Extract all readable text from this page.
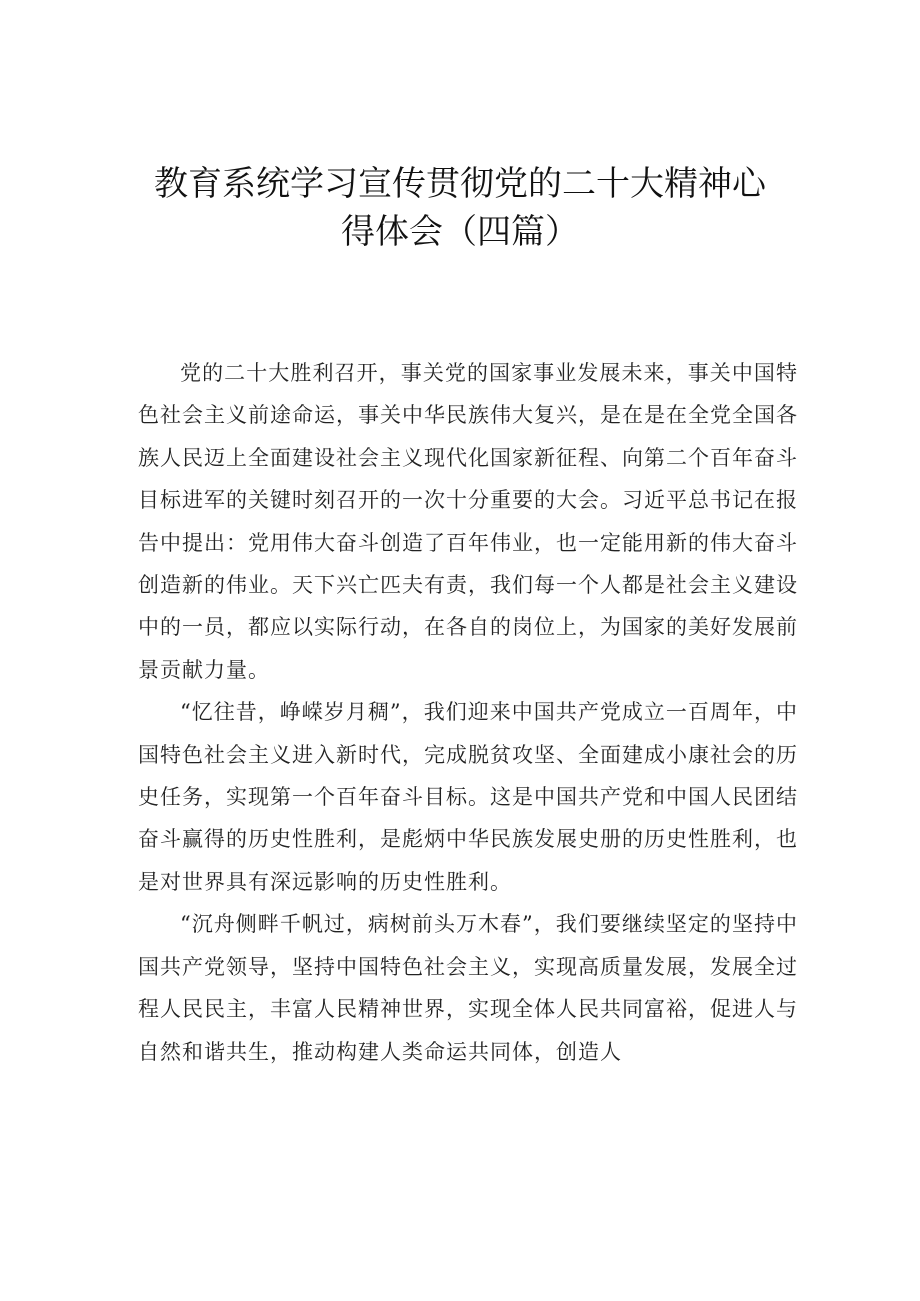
教育系统学习宣传贯彻党的二十大精神心
得体会（四篇）

党的二十大胜利召开，事关党的国家事业发展未来，事关中国特色社会主义前途命运，事关中华民族伟大复兴，是在是在全党全国各族人民迈上全面建设社会主义现代化国家新征程、向第二个百年奋斗目标进军的关键时刻召开的一次十分重要的大会。习近平总书记在报告中提出：党用伟大奋斗创造了百年伟业，也一定能用新的伟大奋斗创造新的伟业。天下兴亡匹夫有责，我们每一个人都是社会主义建设中的一员，都应以实际行动，在各自的岗位上，为国家的美好发展前景贡献力量。

“忆往昔，峥嵘岁月稠”，我们迎来中国共产党成立一百周年，中国特色社会主义进入新时代，完成脱贫攻坚、全面建成小康社会的历史任务，实现第一个百年奋斗目标。这是中国共产党和中国人民团结奋斗赢得的历史性胜利，是彪炳中华民族发展史册的历史性胜利，也是对世界具有深远影响的历史性胜利。

“沉舟侧畔千帆过，病树前头万木春”，我们要继续坚定的坚持中国共产党领导，坚持中国特色社会主义，实现高质量发展，发展全过程人民民主，丰富人民精神世界，实现全体人民共同富裕，促进人与自然和谐共生，推动构建人类命运共同体，创造人
